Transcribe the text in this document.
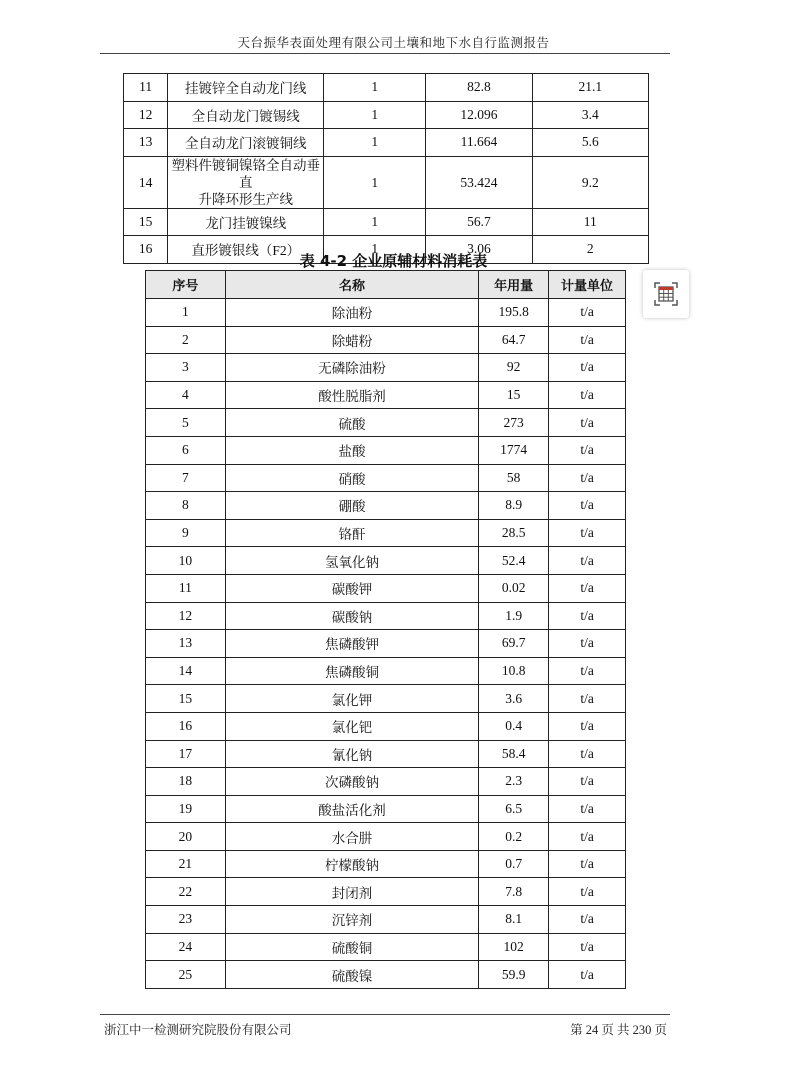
天台振华表面处理有限公司土壤和地下水自行监测报告
11	挂镀锌全自动龙门线	1	82.8	21.1
12	全自动龙门镀锡线	1	12.096	3.4
13	全自动龙门滚镀铜线	1	11.664	5.6
14	塑料件镀铜镍铬全自动垂直
升降环形生产线	1	53.424	9.2
15	龙门挂镀镍线	1	56.7	11
16	直形镀银线（F2）	1	3.06	2
表 4-2 企业原辅材料消耗表
序号	名称	年用量	计量单位
1	除油粉	195.8	t/a
2	除蜡粉	64.7	t/a
3	无磷除油粉	92	t/a
4	酸性脱脂剂	15	t/a
5	硫酸	273	t/a
6	盐酸	1774	t/a
7	硝酸	58	t/a
8	硼酸	8.9	t/a
9	铬酐	28.5	t/a
10	氢氧化钠	52.4	t/a
11	碳酸钾	0.02	t/a
12	碳酸钠	1.9	t/a
13	焦磷酸钾	69.7	t/a
14	焦磷酸铜	10.8	t/a
15	氯化钾	3.6	t/a
16	氯化钯	0.4	t/a
17	氰化钠	58.4	t/a
18	次磷酸钠	2.3	t/a
19	酸盐活化剂	6.5	t/a
20	水合肼	0.2	t/a
21	柠檬酸钠	0.7	t/a
22	封闭剂	7.8	t/a
23	沉锌剂	8.1	t/a
24	硫酸铜	102	t/a
25	硫酸镍	59.9	t/a
浙江中一检测研究院股份有限公司	第 24 页 共 230 页
